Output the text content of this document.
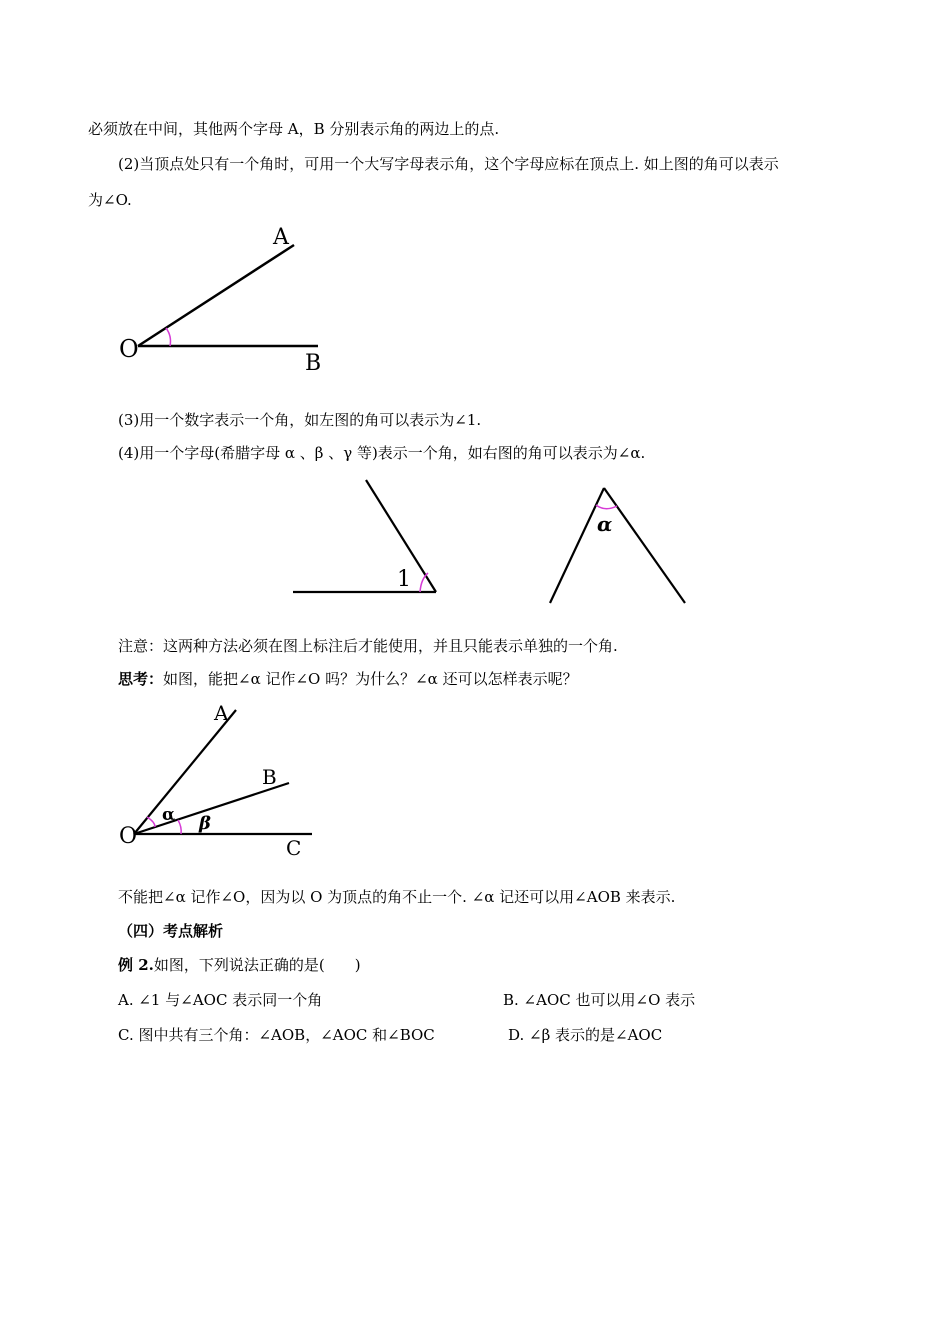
必须放在中间，其他两个字母 A，B 分别表示角的两边上的点.
(2)当顶点处只有一个角时，可用一个大写字母表示角，这个字母应标在顶点上. 如上图的角可以表示
为∠O.
A
O
B
(3)用一个数字表示一个角，如左图的角可以表示为∠1.
(4)用一个字母(希腊字母 α 、β 、γ 等)表示一个角，如右图的角可以表示为∠α.
1
α
注意：这两种方法必须在图上标注后才能使用，并且只能表示单独的一个角.
思考：如图，能把∠α 记作∠O 吗？为什么？∠α 还可以怎样表示呢？
A
B
C
O
α β
不能把∠α 记作∠O，因为以 O 为顶点的角不止一个. ∠α 记还可以用∠AOB 来表示.
（四）考点解析
例 2.如图，下列说法正确的是(　　)
A. ∠1 与∠AOC 表示同一个角	B. ∠AOC 也可以用∠O 表示
C. 图中共有三个角：∠AOB，∠AOC 和∠BOC	D. ∠β 表示的是∠AOC
